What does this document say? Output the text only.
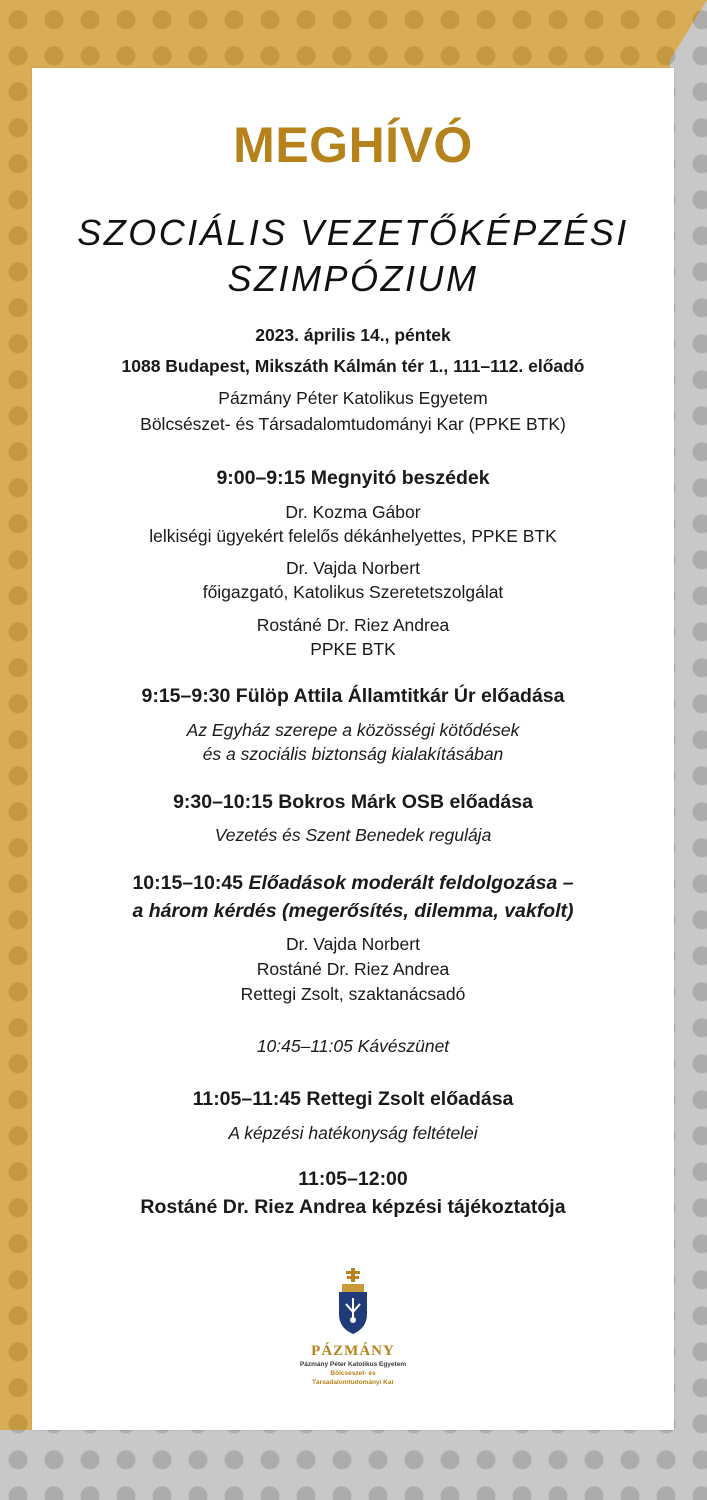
MEGHÍVÓ
SZOCIÁLIS VEZETŐKÉPZÉSI
SZIMPÓZIUM
2023. április 14., péntek
1088 Budapest, Mikszáth Kálmán tér 1., 111–112. előadó
Pázmány Péter Katolikus Egyetem
Bölcsészet- és Társadalomtudományi Kar (PPKE BTK)
9:00–9:15 Megnyitó beszédek
Dr. Kozma Gábor
lelkiségi ügyekért felelős dékánhelyettes, PPKE BTK
Dr. Vajda Norbert
főigazgató, Katolikus Szeretetszolgálat
Rostáné Dr. Riez Andrea
PPKE BTK
9:15–9:30 Fülöp Attila Államtitkár Úr előadása
Az Egyház szerepe a közösségi kötődések
és a szociális biztonság kialakításában
9:30–10:15 Bokros Márk OSB előadása
Vezetés és Szent Benedek regulája
10:15–10:45 Előadások moderált feldolgozása –
a három kérdés (megerősítés, dilemma, vakfolt)
Dr. Vajda Norbert
Rostáné Dr. Riez Andrea
Rettegi Zsolt, szaktanácsadó
10:45–11:05 Kávészünet
11:05–11:45 Rettegi Zsolt előadása
A képzési hatékonyság feltételei
11:05–12:00
Rostáné Dr. Riez Andrea képzési tájékoztatója
PÁZMÁNY
Pázmány Péter Katolikus Egyetem
Bölcsészet- és Társadalomtudományi Kar
